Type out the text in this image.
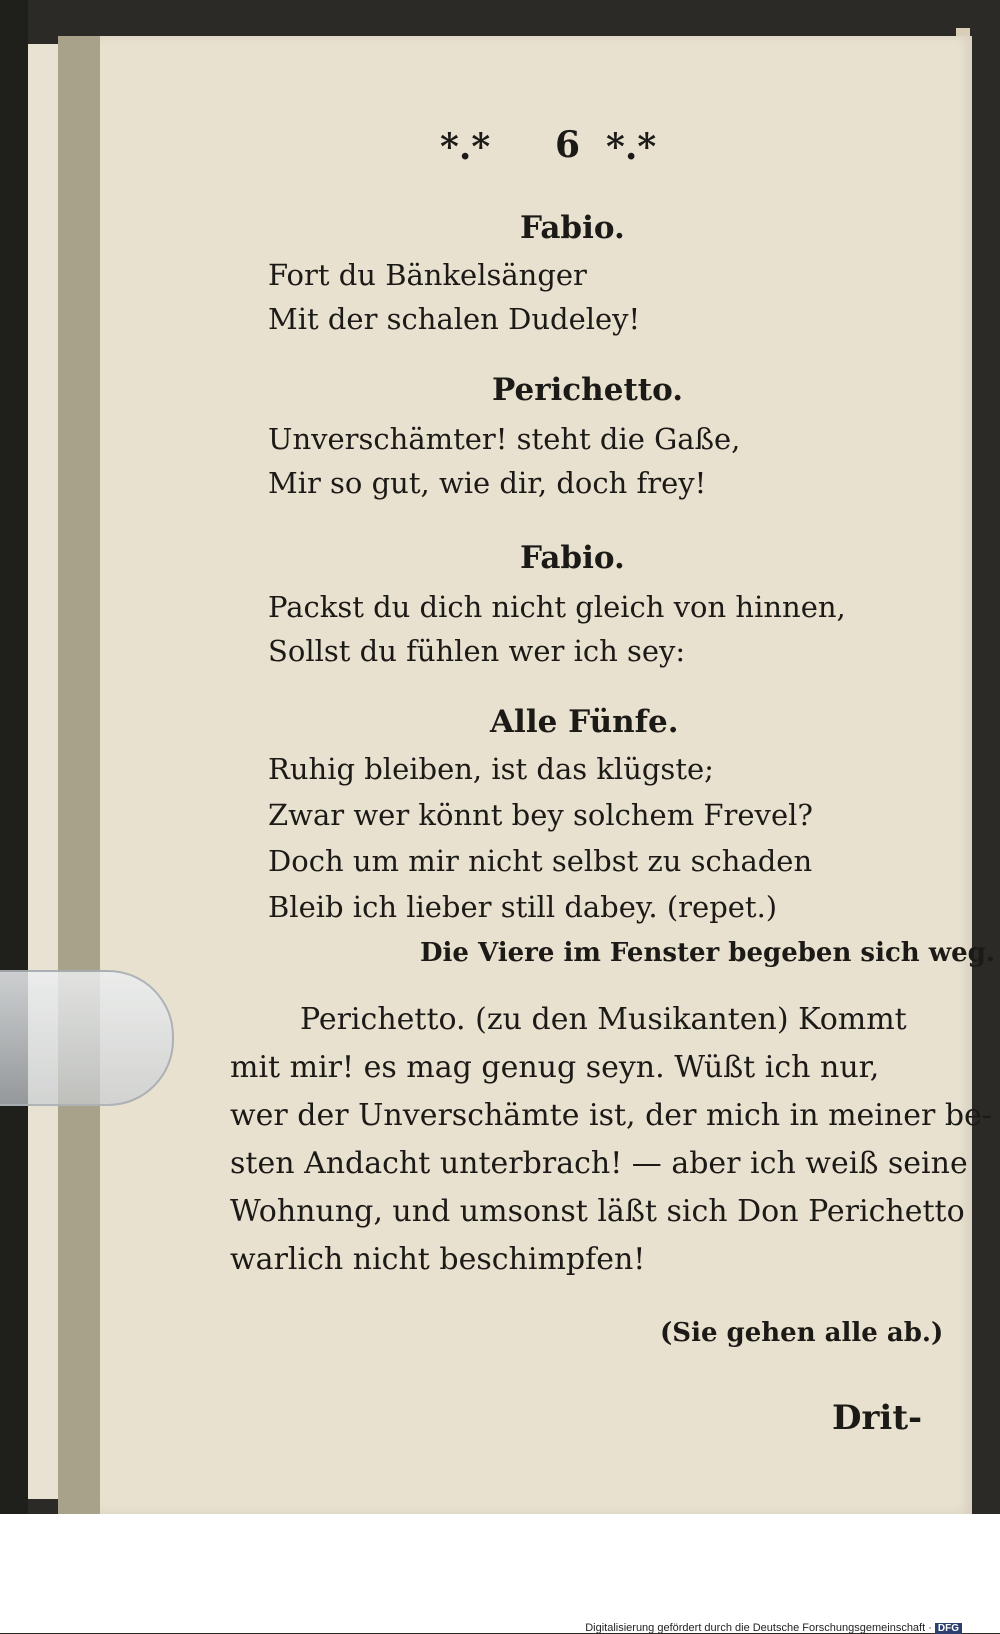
*.* 6 *.*
Fabio.
Fort du Bänkelsänger
Mit der schalen Dudeley!
Perichetto.
Unverschämter! steht die Gaße,
Mir so gut, wie dir, doch frey!
Fabio.
Packst du dich nicht gleich von hinnen,
Sollst du fühlen wer ich sey:
Alle Fünfe.
Ruhig bleiben, ist das klügste;
Zwar wer könnt bey solchem Frevel?
Doch um mir nicht selbst zu schaden
Bleib ich lieber still dabey. (repet.)
Die Viere im Fenster begeben sich weg.
Perichetto. (zu den Musikanten) Kommt
mit mir! es mag genug seyn. Wüßt ich nur,
wer der Unverschämte ist, der mich in meiner be-
sten Andacht unterbrach! — aber ich weiß seine
Wohnung, und umsonst läßt sich Don Perichetto
warlich nicht beschimpfen!
(Sie gehen alle ab.)
Drit-
Digitalisierung gefördert durch die Deutsche Forschungsgemeinschaft · DFG
